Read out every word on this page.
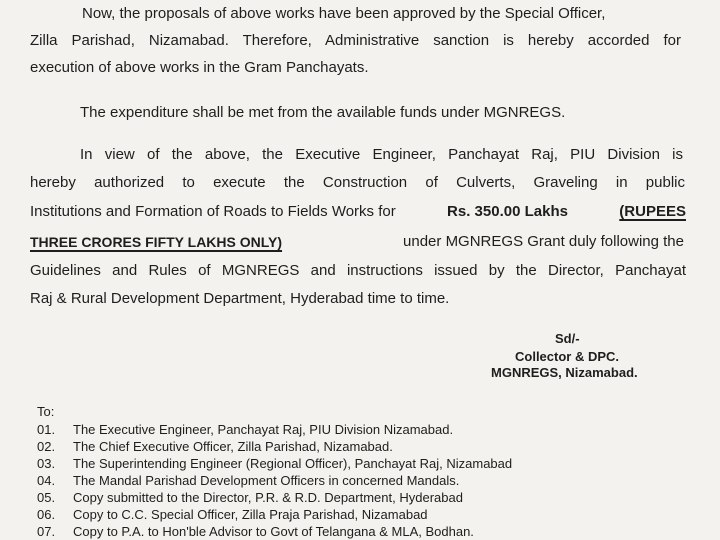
Now, the proposals of above works have been approved by the Special Officer,
Zilla Parishad, Nizamabad. Therefore, Administrative sanction is hereby accorded for
execution of above works in the Gram Panchayats.
The expenditure shall be met from the available funds under MGNREGS.
In view of the above, the Executive Engineer, Panchayat Raj, PIU Division is
hereby authorized to execute the Construction of Culverts, Graveling in public
Institutions and Formation of Roads to Fields Works for	Rs. 350.00 Lakhs	(RUPEES
THREE CRORES FIFTY LAKHS ONLY)	under MGNREGS Grant duly following the
Guidelines and Rules of MGNREGS and instructions issued by the Director, Panchayat
Raj & Rural Development Department, Hyderabad time to time.
Sd/-
Collector & DPC.
MGNREGS, Nizamabad.
To:
01. The Executive Engineer, Panchayat Raj, PIU Division Nizamabad.
02. The Chief Executive Officer, Zilla Parishad, Nizamabad.
03. The Superintending Engineer (Regional Officer), Panchayat Raj, Nizamabad
04. The Mandal Parishad Development Officers in concerned Mandals.
05. Copy submitted to the Director, P.R. & R.D. Department, Hyderabad
06. Copy to C.C. Special Officer, Zilla Praja Parishad, Nizamabad
07. Copy to P.A. to Hon'ble Advisor to Govt of Telangana & MLA, Bodhan.
